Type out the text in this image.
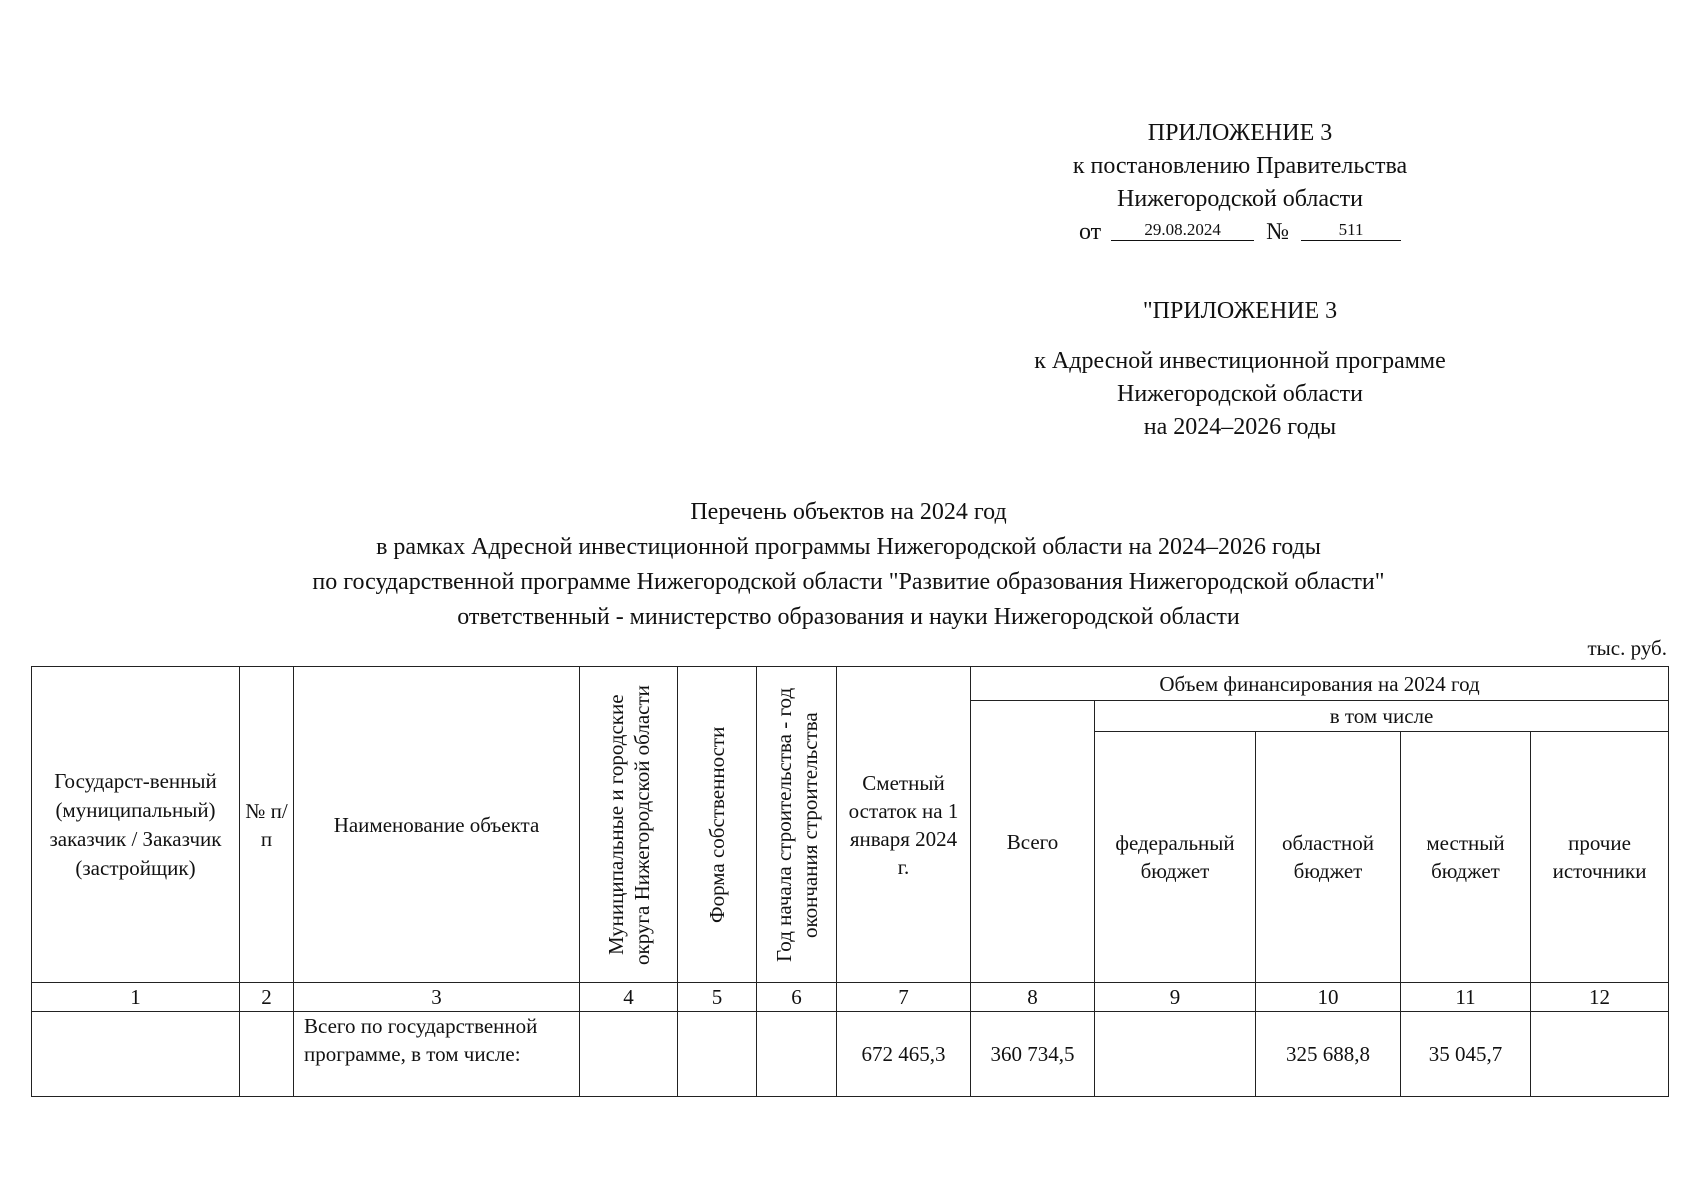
ПРИЛОЖЕНИЕ 3
к постановлению Правительства
Нижегородской области
от	29.08.2024 №	511
"ПРИЛОЖЕНИЕ 3
к Адресной инвестиционной программе
Нижегородской области
на 2024–2026 годы
Перечень объектов на 2024 год
в рамках Адресной инвестиционной программы Нижегородской области на 2024–2026 годы
по государственной программе Нижегородской области "Развитие образования Нижегородской области"
ответственный - министерство образования и науки Нижегородской области
тыс. руб.
Государст-венный (муниципальный) заказчик / Заказчик (застройщик)	№ п/п	Наименование объекта	Муниципальные и городские округа Нижегородской области	Форма собственности	Год начала строительства - год окончания строительства	Сметный остаток на 1 января 2024 г.	Объем финансирования на 2024 год				
							Всего	в том числе			
								федеральный бюджет	областной бюджет	местный бюджет	прочие источники
1	2	3	4	5	6	7	8	9	10	11	12
		Всего по государственной программе, в том числе:				672 465,3	360 734,5		325 688,8	35 045,7	
